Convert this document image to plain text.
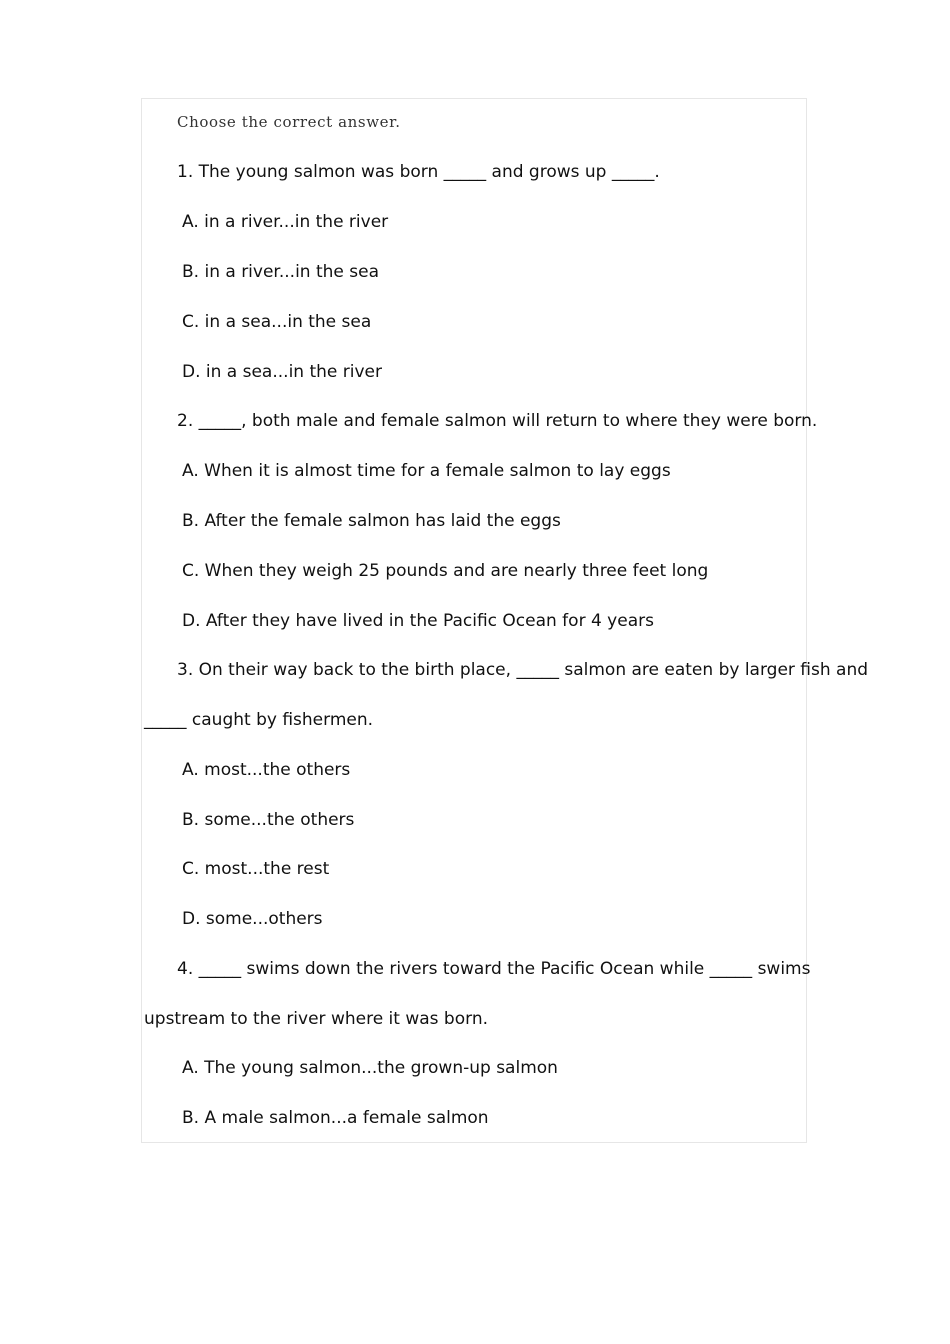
Choose the correct answer.
1. The young salmon was born _____ and grows up _____.
A. in a river...in the river
B. in a river...in the sea
C. in a sea...in the sea
D. in a sea...in the river
2. _____, both male and female salmon will return to where they were born.
A. When it is almost time for a female salmon to lay eggs
B. After the female salmon has laid the eggs
C. When they weigh 25 pounds and are nearly three feet long
D. After they have lived in the Pacific Ocean for 4 years
3. On their way back to the birth place, _____ salmon are eaten by larger fish and
_____ caught by fishermen.
A. most...the others
B. some...the others
C. most...the rest
D. some...others
4. _____ swims down the rivers toward the Pacific Ocean while _____ swims
upstream to the river where it was born.
A. The young salmon...the grown-up salmon
B. A male salmon...a female salmon
